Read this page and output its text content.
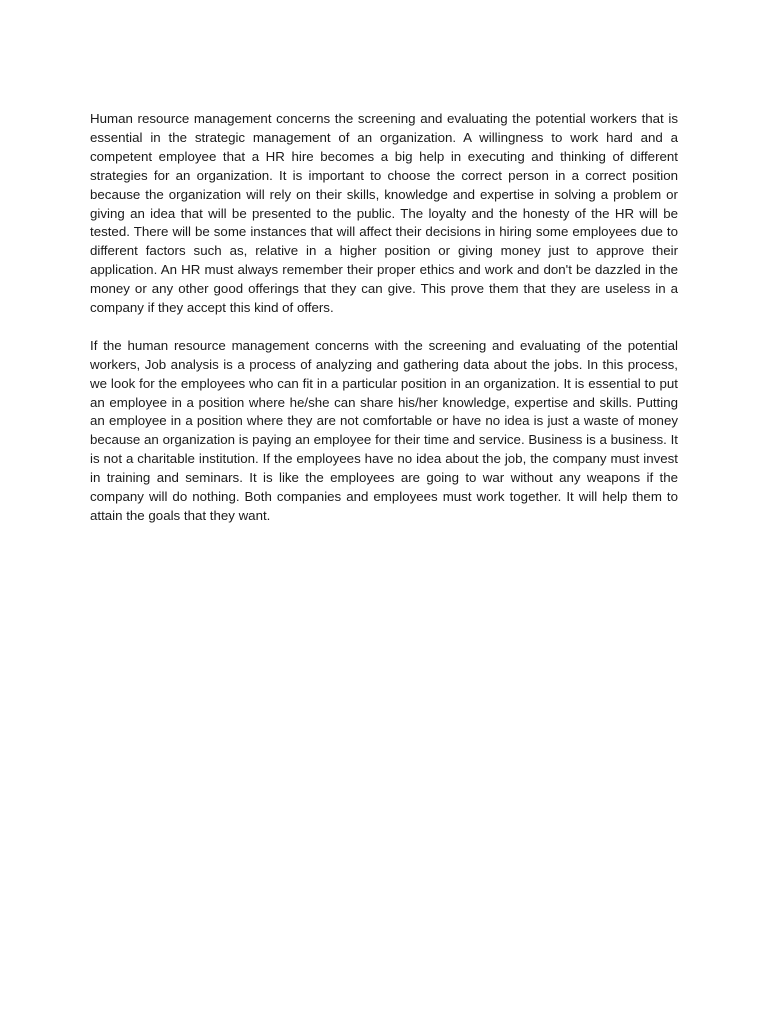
Human resource management concerns the screening and evaluating the potential workers that is essential in the strategic management of an organization. A willingness to work hard and a competent employee that a HR hire becomes a big help in executing and thinking of different strategies for an organization. It is important to choose the correct person in a correct position because the organization will rely on their skills, knowledge and expertise in solving a problem or giving an idea that will be presented to the public. The loyalty and the honesty of the HR will be tested. There will be some instances that will affect their decisions in hiring some employees due to different factors such as, relative in a higher position or giving money just to approve their application. An HR must always remember their proper ethics and work and don't be dazzled in the money or any other good offerings that they can give. This prove them that they are useless in a company if they accept this kind of offers.

If the human resource management concerns with the screening and evaluating of the potential workers, Job analysis is a process of analyzing and gathering data about the jobs. In this process, we look for the employees who can fit in a particular position in an organization. It is essential to put an employee in a position where he/she can share his/her knowledge, expertise and skills. Putting an employee in a position where they are not comfortable or have no idea is just a waste of money because an organization is paying an employee for their time and service. Business is a business. It is not a charitable institution. If the employees have no idea about the job, the company must invest in training and seminars. It is like the employees are going to war without any weapons if the company will do nothing. Both companies and employees must work together. It will help them to attain the goals that they want.
